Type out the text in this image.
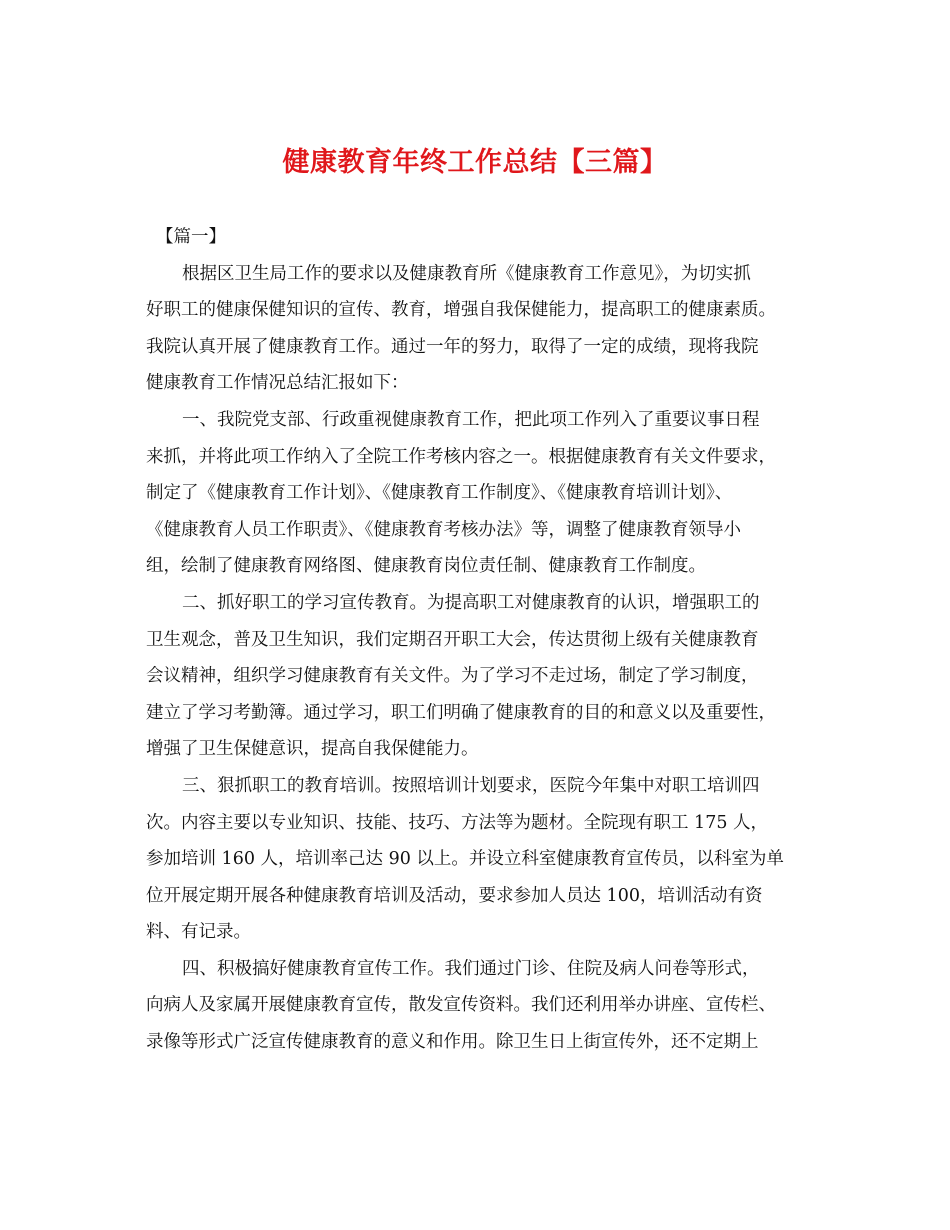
健康教育年终工作总结【三篇】
【篇一】
根据区卫生局工作的要求以及健康教育所《健康教育工作意见》，为切实抓
好职工的健康保健知识的宣传、教育，增强自我保健能力，提高职工的健康素质。
我院认真开展了健康教育工作。通过一年的努力，取得了一定的成绩，现将我院
健康教育工作情况总结汇报如下：
一、我院党支部、行政重视健康教育工作，把此项工作列入了重要议事日程
来抓，并将此项工作纳入了全院工作考核内容之一。根据健康教育有关文件要求，
制定了《健康教育工作计划》、《健康教育工作制度》、《健康教育培训计划》、
《健康教育人员工作职责》、《健康教育考核办法》等，调整了健康教育领导小
组，绘制了健康教育网络图、健康教育岗位责任制、健康教育工作制度。
二、抓好职工的学习宣传教育。为提高职工对健康教育的认识，增强职工的
卫生观念，普及卫生知识，我们定期召开职工大会，传达贯彻上级有关健康教育
会议精神，组织学习健康教育有关文件。为了学习不走过场，制定了学习制度，
建立了学习考勤簿。通过学习，职工们明确了健康教育的目的和意义以及重要性，
增强了卫生保健意识，提高自我保健能力。
三、狠抓职工的教育培训。按照培训计划要求，医院今年集中对职工培训四
次。内容主要以专业知识、技能、技巧、方法等为题材。全院现有职工 175 人，
参加培训 160 人，培训率己达 90 以上。并设立科室健康教育宣传员，以科室为单
位开展定期开展各种健康教育培训及活动，要求参加人员达 100，培训活动有资
料、有记录。
四、积极搞好健康教育宣传工作。我们通过门诊、住院及病人问卷等形式，
向病人及家属开展健康教育宣传，散发宣传资料。我们还利用举办讲座、宣传栏、
录像等形式广泛宣传健康教育的意义和作用。除卫生日上街宣传外，还不定期上
